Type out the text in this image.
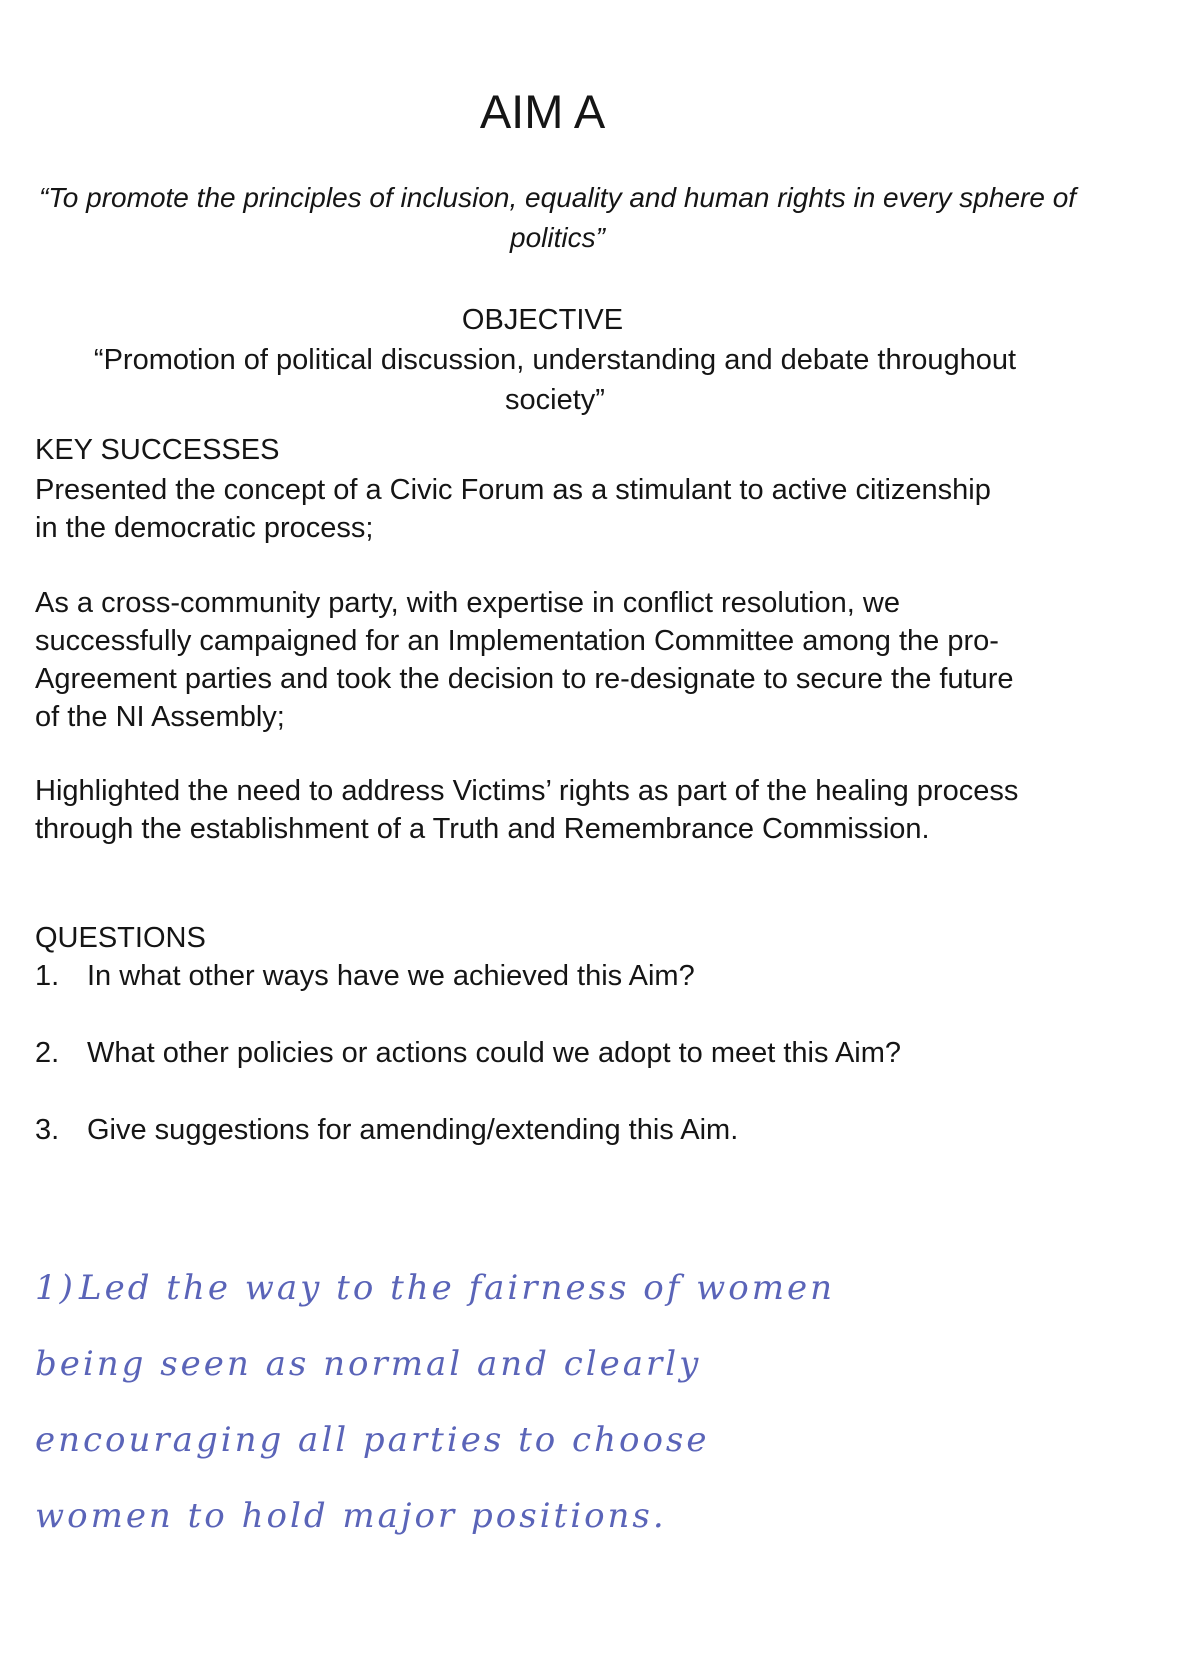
AIM A
“To promote the principles of inclusion, equality and human rights in every sphere of politics”
OBJECTIVE
“Promotion of political discussion, understanding and debate throughout society”
KEY SUCCESSES

Presented the concept of a Civic Forum as a stimulant to active citizenship in the democratic process;

As a cross-community party, with expertise in conflict resolution, we successfully campaigned for an Implementation Committee among the pro-Agreement parties and took the decision to re-designate to secure the future of the NI Assembly;

Highlighted the need to address Victims’ rights as part of the healing process through the establishment of a Truth and Remembrance Commission.

QUESTIONS
1. In what other ways have we achieved this Aim?
2. What other policies or actions could we adopt to meet this Aim?
3. Give suggestions for amending/extending this Aim.
1)Led the way to the fairness of women
being seen as normal and clearly
encouraging all parties to choose
women to hold major positions.
